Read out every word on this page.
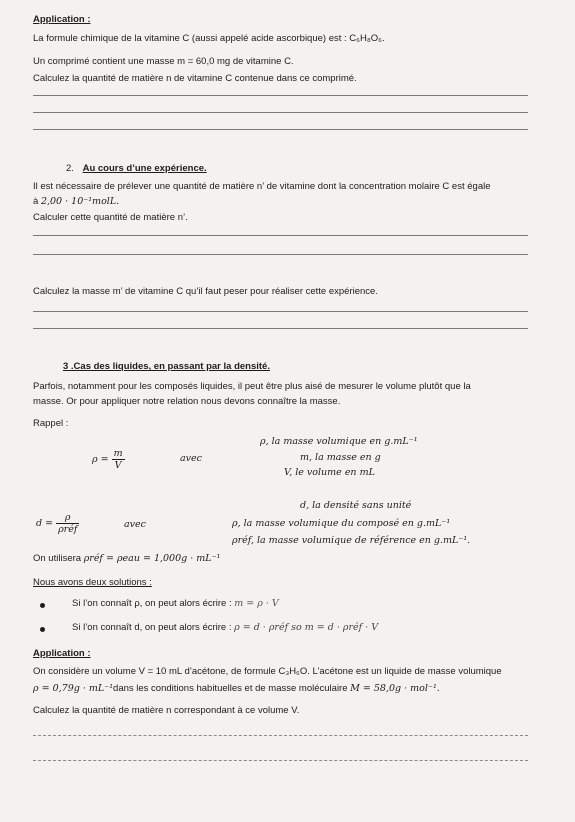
Application :
La formule chimique de la vitamine C (aussi appelé acide ascorbique) est : C₆H₈O₆.
Un comprimé contient une masse m = 60,0 mg de vitamine C.
Calculez la quantité de matière n de vitamine C contenue dans ce comprimé.
2. Au cours d’une expérience.
Il est nécessaire de prélever une quantité de matière n’ de vitamine dont la concentration molaire C est égale
à 2,00 · 10⁻¹molL.
Calculer cette quantité de matière n’.
Calculez la masse m’ de vitamine C qu’il faut peser pour réaliser cette expérience.
3 .Cas des liquides, en passant par la densité.
Parfois, notamment pour les composés liquides, il peut être plus aisé de mesurer le volume plutôt que la
masse. Or pour appliquer notre relation nous devons connaître la masse.
Rappel :
$\rho = \frac{m}{V}$	avec
ρ, la masse volumique en g.mL⁻¹
m, la masse en g
V, le volume en mL
d, la densité sans unité
$d = \frac{\rho}{\text{ρréf}}$	avec	ρ, la masse volumique du composé en g.mL⁻¹
ρréf, la masse volumique de référence en g.mL⁻¹.
On utilisera ρréf = ρeau = 1,000g · mL⁻¹
Nous avons deux solutions :
Si l’on connaît ρ, on peut alors écrire : m = ρ · V
Si l’on connaît d, on peut alors écrire : ρ = d · ρréf so m = d · ρréf · V
Application :
On considère un volume V = 10 mL d’acétone, de formule C₃H₆O. L’acétone est un liquide de masse volumique
ρ = 0,79g · mL⁻¹dans les conditions habituelles et de masse moléculaire M = 58,0g · mol⁻¹.
Calculez la quantité de matière n correspondant à ce volume V.
